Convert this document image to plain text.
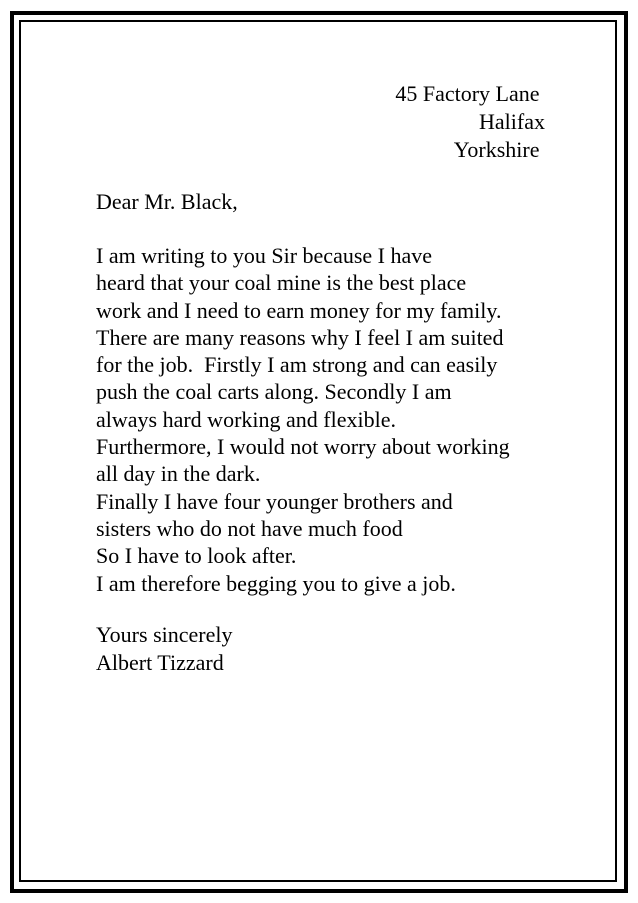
45 Factory Lane
Halifax
Yorkshire
Dear Mr. Black,
I am writing to you Sir because I have
heard that your coal mine is the best place
work and I need to earn money for my family.
There are many reasons why I feel I am suited
for the job.  Firstly I am strong and can easily
push the coal carts along. Secondly I am
always hard working and flexible.
Furthermore, I would not worry about working
all day in the dark.
Finally I have four younger brothers and
sisters who do not have much food
So I have to look after.
I am therefore begging you to give a job.
Yours sincerely
Albert Tizzard
